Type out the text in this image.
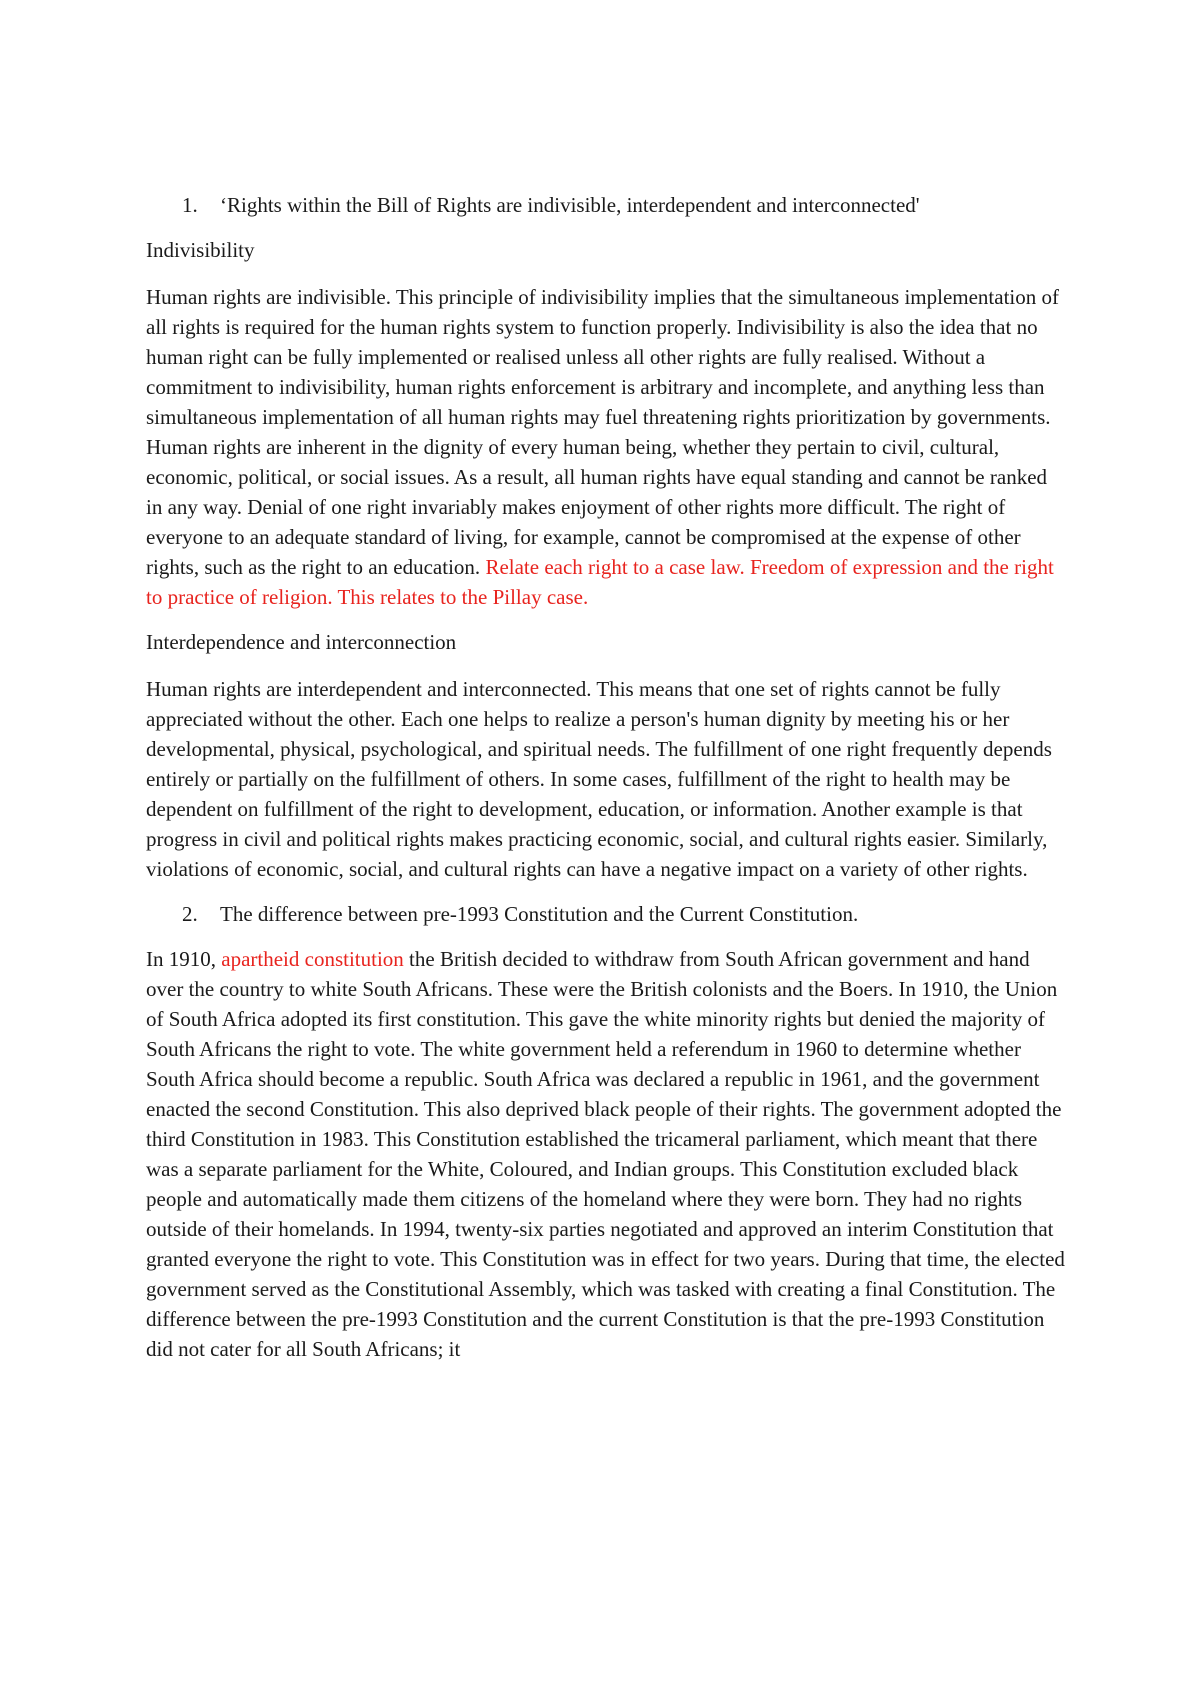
1.	‘Rights within the Bill of Rights are indivisible, interdependent and interconnected'

Indivisibility

Human rights are indivisible. This principle of indivisibility implies that the simultaneous implementation of all rights is required for the human rights system to function properly. Indivisibility is also the idea that no human right can be fully implemented or realised unless all other rights are fully realised. Without a commitment to indivisibility, human rights enforcement is arbitrary and incomplete, and anything less than simultaneous implementation of all human rights may fuel threatening rights prioritization by governments. Human rights are inherent in the dignity of every human being, whether they pertain to civil, cultural, economic, political, or social issues. As a result, all human rights have equal standing and cannot be ranked in any way. Denial of one right invariably makes enjoyment of other rights more difficult. The right of everyone to an adequate standard of living, for example, cannot be compromised at the expense of other rights, such as the right to an education. Relate each right to a case law. Freedom of expression and the right to practice of religion. This relates to the Pillay case.

Interdependence and interconnection

Human rights are interdependent and interconnected. This means that one set of rights cannot be fully appreciated without the other. Each one helps to realize a person's human dignity by meeting his or her developmental, physical, psychological, and spiritual needs. The fulfillment of one right frequently depends entirely or partially on the fulfillment of others. In some cases, fulfillment of the right to health may be dependent on fulfillment of the right to development, education, or information. Another example is that progress in civil and political rights makes practicing economic, social, and cultural rights easier. Similarly, violations of economic, social, and cultural rights can have a negative impact on a variety of other rights.

2.	The difference between pre-1993 Constitution and the Current Constitution.

In 1910, apartheid constitution the British decided to withdraw from South African government and hand over the country to white South Africans. These were the British colonists and the Boers. In 1910, the Union of South Africa adopted its first constitution. This gave the white minority rights but denied the majority of South Africans the right to vote. The white government held a referendum in 1960 to determine whether South Africa should become a republic. South Africa was declared a republic in 1961, and the government enacted the second Constitution. This also deprived black people of their rights. The government adopted the third Constitution in 1983. This Constitution established the tricameral parliament, which meant that there was a separate parliament for the White, Coloured, and Indian groups. This Constitution excluded black people and automatically made them citizens of the homeland where they were born. They had no rights outside of their homelands. In 1994, twenty-six parties negotiated and approved an interim Constitution that granted everyone the right to vote. This Constitution was in effect for two years. During that time, the elected government served as the Constitutional Assembly, which was tasked with creating a final Constitution. The difference between the pre-1993 Constitution and the current Constitution is that the pre-1993 Constitution did not cater for all South Africans; it
